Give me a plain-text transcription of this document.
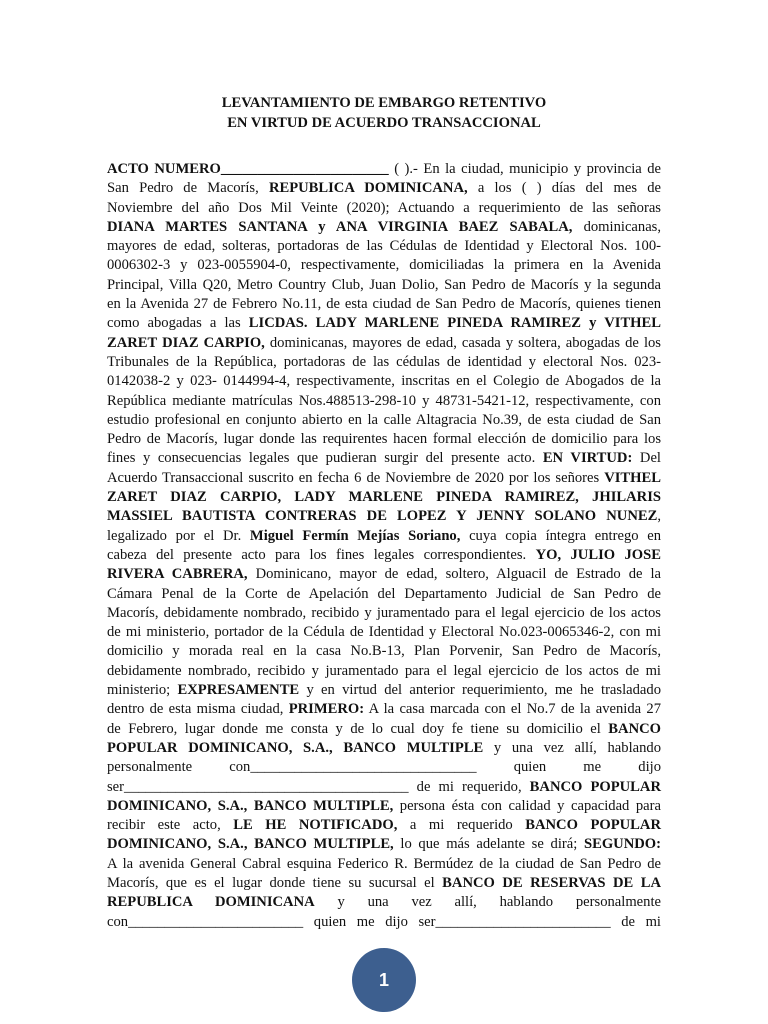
LEVANTAMIENTO DE EMBARGO RETENTIVO
EN VIRTUD DE ACUERDO TRANSACCIONAL
ACTO NUMERO_______________________ ( ).- En la ciudad, municipio y provincia de
San Pedro de Macorís, REPUBLICA DOMINICANA, a los ( ) días del mes de
Noviembre del año Dos Mil Veinte (2020); Actuando a requerimiento de las señoras
DIANA MARTES SANTANA y ANA VIRGINIA BAEZ SABALA, dominicanas,
mayores de edad, solteras, portadoras de las Cédulas de Identidad y Electoral Nos. 100-
0006302-3 y 023-0055904-0, respectivamente, domiciliadas la primera en la Avenida
Principal, Villa Q20, Metro Country Club, Juan Dolio, San Pedro de Macorís y la segunda
en la Avenida 27 de Febrero No.11, de esta ciudad de San Pedro de Macorís, quienes tienen
como abogadas a las LICDAS. LADY MARLENE PINEDA RAMIREZ y VITHEL
ZARET DIAZ CARPIO, dominicanas, mayores de edad, casada y soltera, abogadas de los
Tribunales de la República, portadoras de las cédulas de identidad y electoral Nos. 023-
0142038-2 y 023- 0144994-4, respectivamente, inscritas en el Colegio de Abogados de la
República mediante matrículas Nos.488513-298-10 y 48731-5421-12, respectivamente, con
estudio profesional en conjunto abierto en la calle Altagracia No.39, de esta ciudad de San
Pedro de Macorís, lugar donde las requirentes hacen formal elección de domicilio para los
fines y consecuencias legales que pudieran surgir del presente acto. EN VIRTUD: Del
Acuerdo Transaccional suscrito en fecha 6 de Noviembre de 2020 por los señores VITHEL
ZARET DIAZ CARPIO, LADY MARLENE PINEDA RAMIREZ, JHILARIS
MASSIEL BAUTISTA CONTRERAS DE LOPEZ Y JENNY SOLANO NUNEZ,
legalizado por el Dr. Miguel Fermín Mejías Soriano, cuya copia íntegra entrego en
cabeza del presente acto para los fines legales correspondientes. YO, JULIO JOSE
RIVERA CABRERA, Dominicano, mayor de edad, soltero, Alguacil de Estrado de la
Cámara Penal de la Corte de Apelación del Departamento Judicial de San Pedro de
Macorís, debidamente nombrado, recibido y juramentado para el legal ejercicio de los actos
de mi ministerio, portador de la Cédula de Identidad y Electoral No.023-0065346-2, con mi
domicilio y morada real en la casa No.B-13, Plan Porvenir, San Pedro de Macorís,
debidamente nombrado, recibido y juramentado para el legal ejercicio de los actos de mi
ministerio; EXPRESAMENTE y en virtud del anterior requerimiento, me he trasladado
dentro de esta misma ciudad, PRIMERO: A la casa marcada con el No.7 de la avenida 27
de Febrero, lugar donde me consta y de lo cual doy fe tiene su domicilio el BANCO
POPULAR DOMINICANO, S.A., BANCO MULTIPLE y una vez allí, hablando
personalmente con_______________________________ quien me dijo
ser_______________________________________ de mi requerido, BANCO POPULAR
DOMINICANO, S.A., BANCO MULTIPLE, persona ésta con calidad y capacidad para
recibir este acto, LE HE NOTIFICADO, a mi requerido BANCO POPULAR
DOMINICANO, S.A., BANCO MULTIPLE, lo que más adelante se dirá; SEGUNDO:
A la avenida General Cabral esquina Federico R. Bermúdez de la ciudad de San Pedro de
Macorís, que es el lugar donde tiene su sucursal el BANCO DE RESERVAS DE LA
REPUBLICA DOMINICANA y una vez allí, hablando personalmente
con________________________ quien me dijo ser________________________ de mi
1
